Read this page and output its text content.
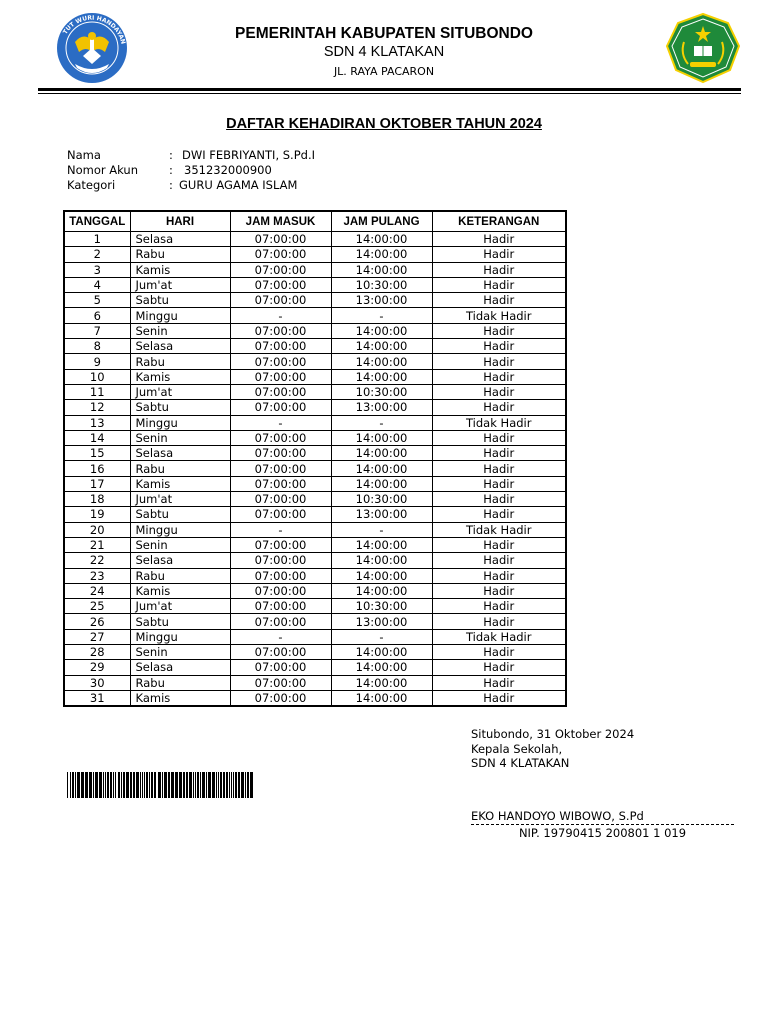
TUT WURI HANDAYAN	PEMERINTAH KABUPATEN SITUBONDO
SDN 4 KLATAKAN
JL. RAYA PACARON
DAFTAR KEHADIRAN OKTOBER TAHUN 2024
Nama	: DWI FEBRIYANTI, S.Pd.I
Nomor Akun	: 351232000900
Kategori	: GURU AGAMA ISLAM
TANGGAL	HARI	JAM MASUK	JAM PULANG	KETERANGAN
1	Selasa	07:00:00	14:00:00	Hadir
2	Rabu	07:00:00	14:00:00	Hadir
3	Kamis	07:00:00	14:00:00	Hadir
4	Jum'at	07:00:00	10:30:00	Hadir
5	Sabtu	07:00:00	13:00:00	Hadir
6	Minggu	-	-	Tidak Hadir
7	Senin	07:00:00	14:00:00	Hadir
8	Selasa	07:00:00	14:00:00	Hadir
9	Rabu	07:00:00	14:00:00	Hadir
10	Kamis	07:00:00	14:00:00	Hadir
11	Jum'at	07:00:00	10:30:00	Hadir
12	Sabtu	07:00:00	13:00:00	Hadir
13	Minggu	-	-	Tidak Hadir
14	Senin	07:00:00	14:00:00	Hadir
15	Selasa	07:00:00	14:00:00	Hadir
16	Rabu	07:00:00	14:00:00	Hadir
17	Kamis	07:00:00	14:00:00	Hadir
18	Jum'at	07:00:00	10:30:00	Hadir
19	Sabtu	07:00:00	13:00:00	Hadir
20	Minggu	-	-	Tidak Hadir
21	Senin	07:00:00	14:00:00	Hadir
22	Selasa	07:00:00	14:00:00	Hadir
23	Rabu	07:00:00	14:00:00	Hadir
24	Kamis	07:00:00	14:00:00	Hadir
25	Jum'at	07:00:00	10:30:00	Hadir
26	Sabtu	07:00:00	13:00:00	Hadir
27	Minggu	-	-	Tidak Hadir
28	Senin	07:00:00	14:00:00	Hadir
29	Selasa	07:00:00	14:00:00	Hadir
30	Rabu	07:00:00	14:00:00	Hadir
31	Kamis	07:00:00	14:00:00	Hadir
Situbondo, 31 Oktober 2024
Kepala Sekolah,
SDN 4 KLATAKAN
EKO HANDOYO WIBOWO, S.Pd
NIP. 19790415 200801 1 019
